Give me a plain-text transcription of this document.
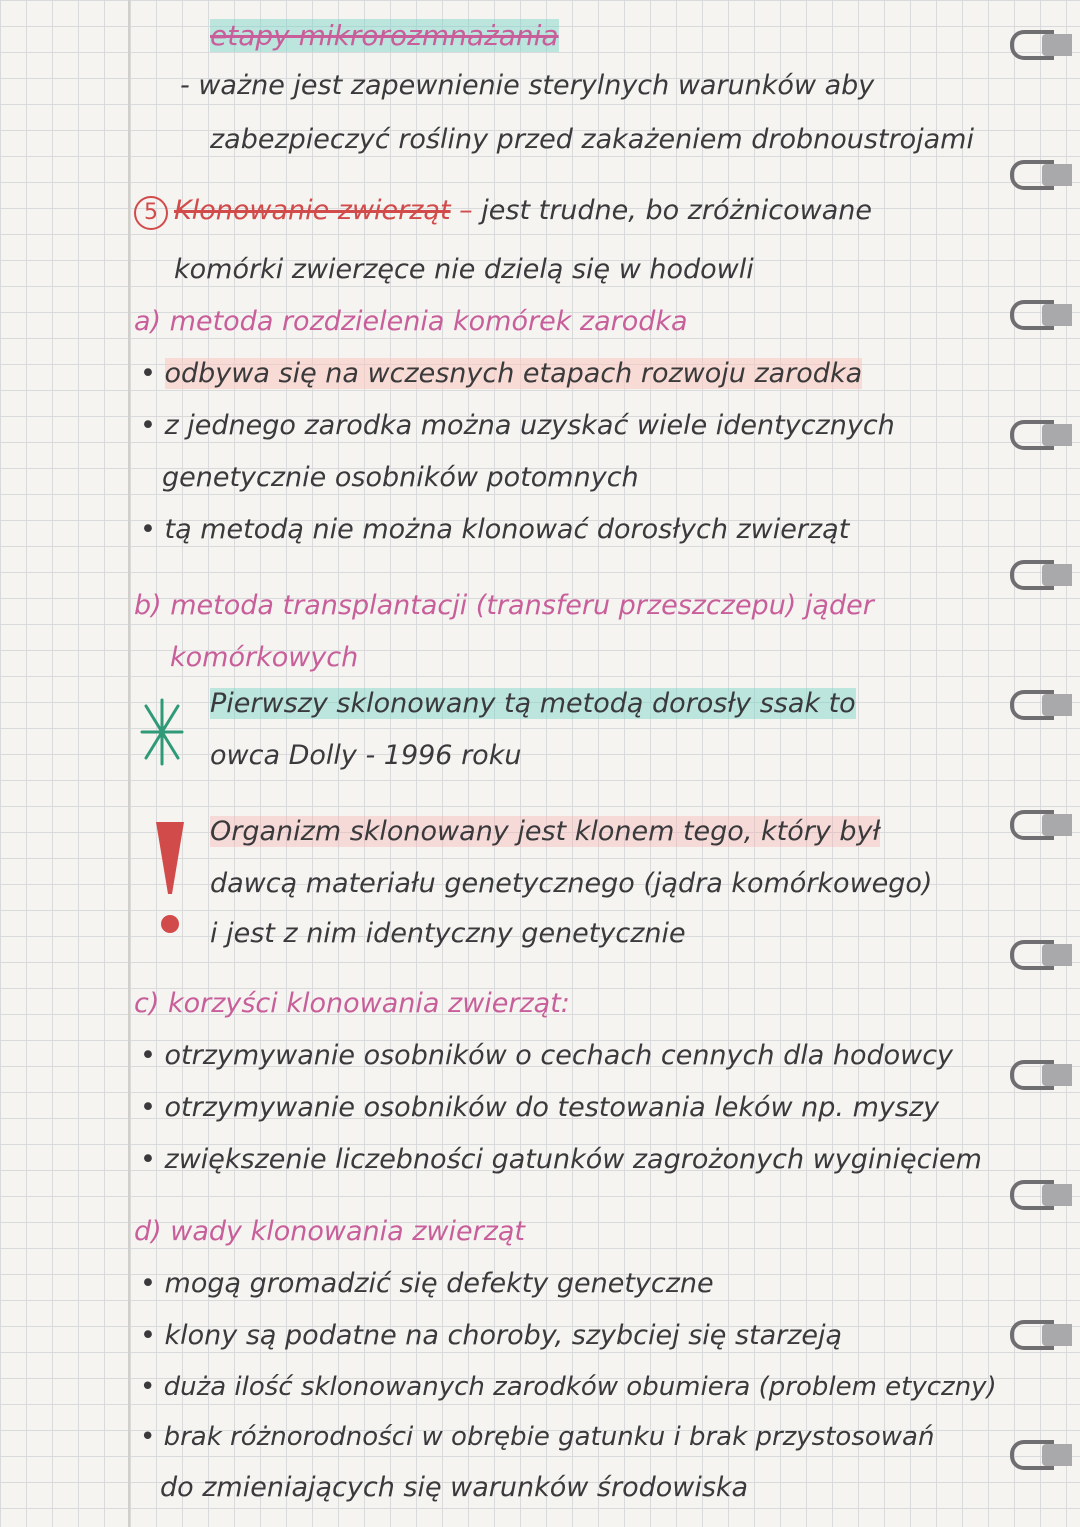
etapy mikrorozmnażania
- ważne jest zapewnienie sterylnych warunków aby
zabezpieczyć rośliny przed zakażeniem drobnoustrojami
5 Klonowanie zwierząt – jest trudne, bo zróżnicowane
komórki zwierzęce nie dzielą się w hodowli
a) metoda rozdzielenia komórek zarodka
• odbywa się na wczesnych etapach rozwoju zarodka
• z jednego zarodka można uzyskać wiele identycznych
genetycznie osobników potomnych
• tą metodą nie można klonować dorosłych zwierząt
b) metoda transplantacji (transferu przeszczepu) jąder
komórkowych
Pierwszy sklonowany tą metodą dorosły ssak to
owca Dolly - 1996 roku
Organizm sklonowany jest klonem tego, który był
dawcą materiału genetycznego (jądra komórkowego)
i jest z nim identyczny genetycznie
c) korzyści klonowania zwierząt:
• otrzymywanie osobników o cechach cennych dla hodowcy
• otrzymywanie osobników do testowania leków np. myszy
• zwiększenie liczebności gatunków zagrożonych wyginięciem
d) wady klonowania zwierząt
• mogą gromadzić się defekty genetyczne
• klony są podatne na choroby, szybciej się starzeją
• duża ilość sklonowanych zarodków obumiera (problem etyczny)
• brak różnorodności w obrębie gatunku i brak przystosowań
do zmieniających się warunków środowiska
